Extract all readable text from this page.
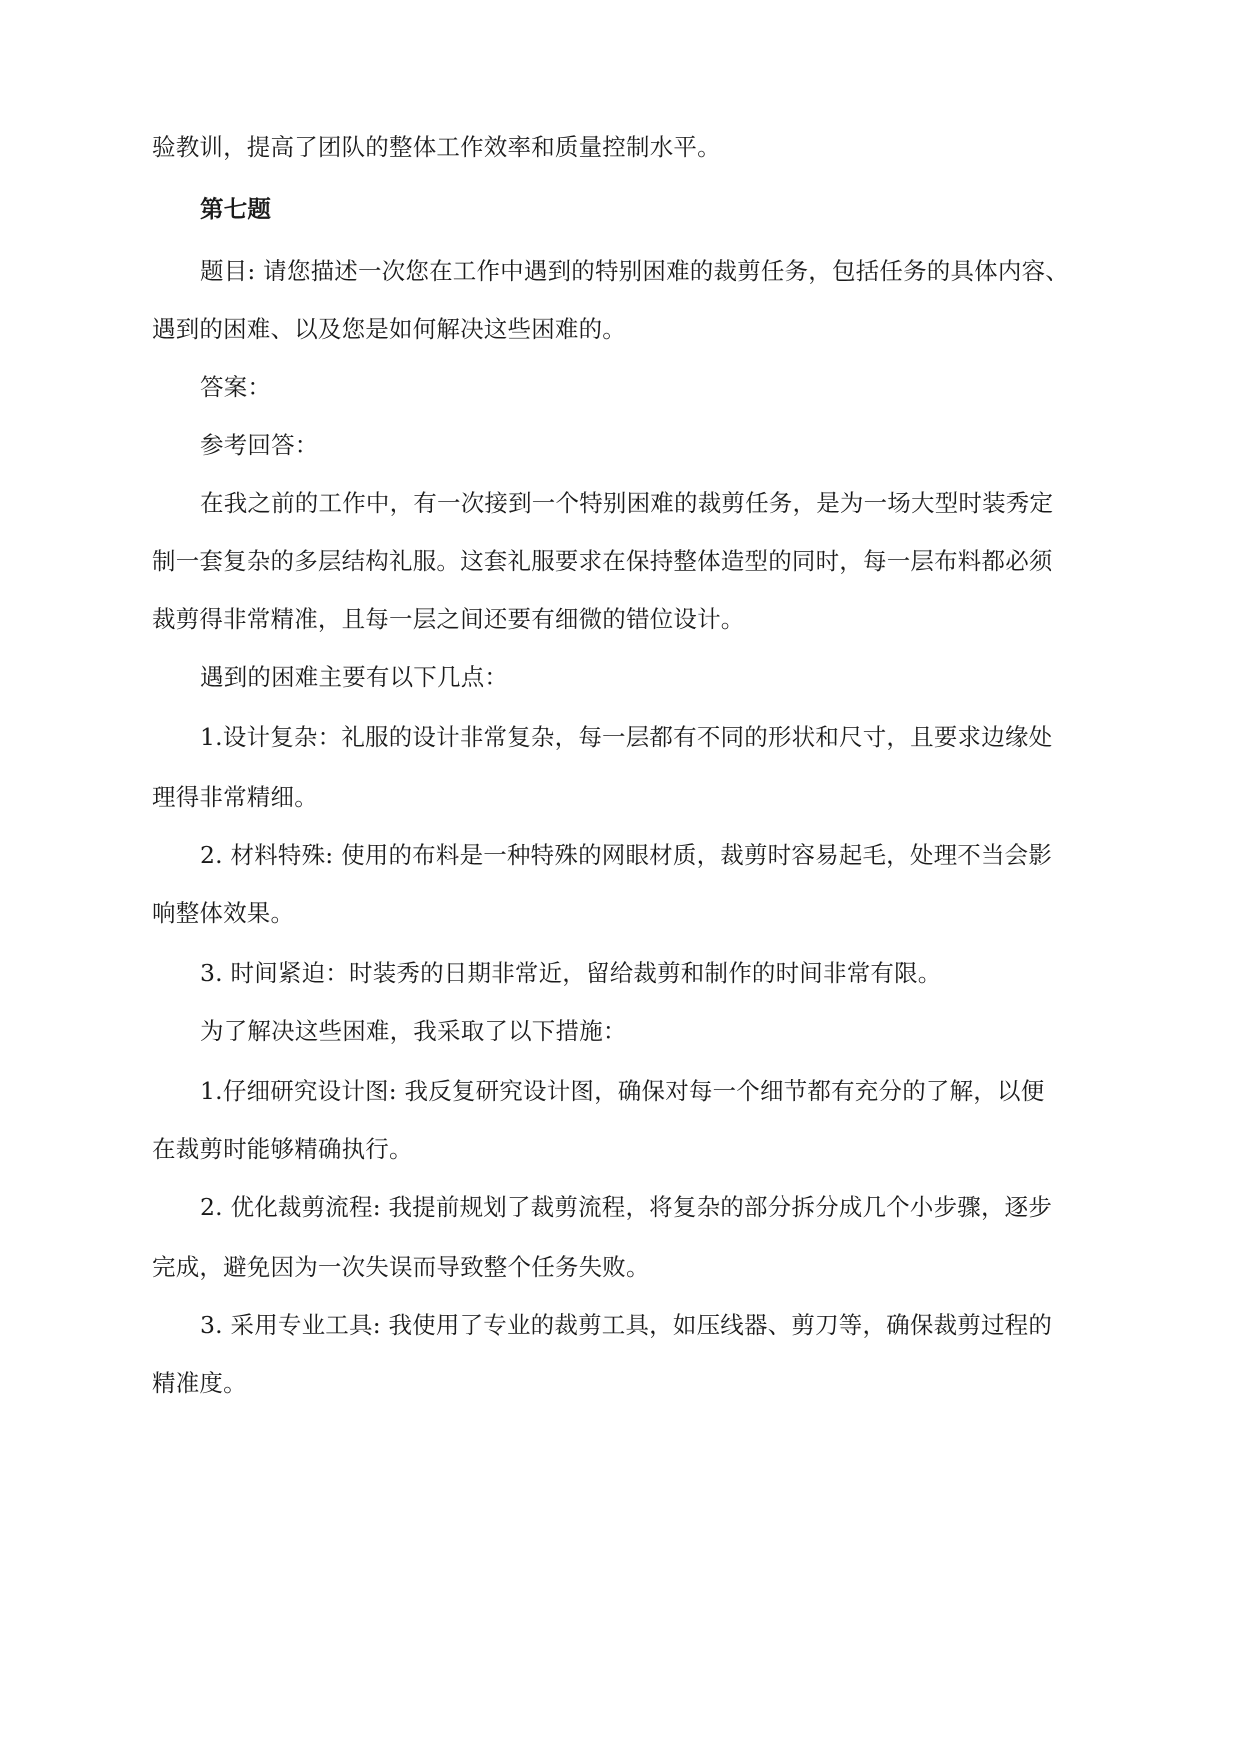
验教训，提高了团队的整体工作效率和质量控制水平。
第七题
题目: 请您描述一次您在工作中遇到的特别困难的裁剪任务，包括任务的具体内容、
遇到的困难、以及您是如何解决这些困难的。
答案：
参考回答：
在我之前的工作中，有一次接到一个特别困难的裁剪任务，是为一场大型时装秀定
制一套复杂的多层结构礼服。这套礼服要求在保持整体造型的同时，每一层布料都必须
裁剪得非常精准，且每一层之间还要有细微的错位设计。
遇到的困难主要有以下几点：
1.设计复杂：礼服的设计非常复杂，每一层都有不同的形状和尺寸，且要求边缘处
理得非常精细。
2. 材料特殊: 使用的布料是一种特殊的网眼材质，裁剪时容易起毛，处理不当会影
响整体效果。
3. 时间紧迫：时装秀的日期非常近，留给裁剪和制作的时间非常有限。
为了解决这些困难，我采取了以下措施：
1.仔细研究设计图: 我反复研究设计图，确保对每一个细节都有充分的了解，以便
在裁剪时能够精确执行。
2. 优化裁剪流程: 我提前规划了裁剪流程，将复杂的部分拆分成几个小步骤，逐步
完成，避免因为一次失误而导致整个任务失败。
3. 采用专业工具: 我使用了专业的裁剪工具，如压线器、剪刀等，确保裁剪过程的
精准度。
